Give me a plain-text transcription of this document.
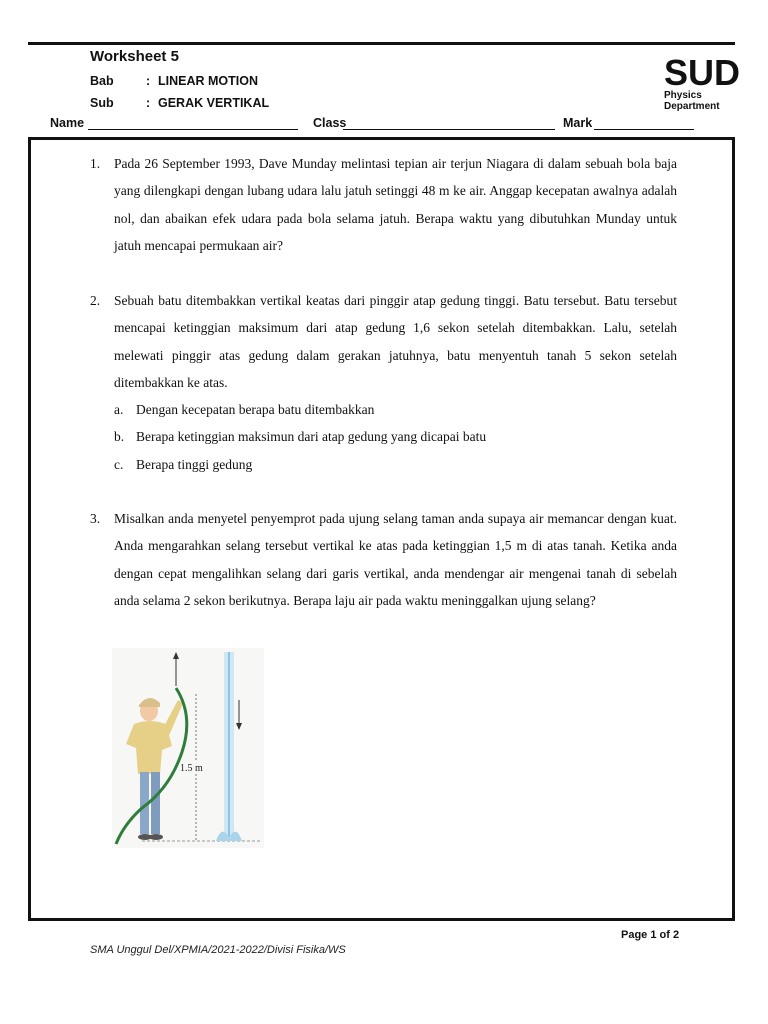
Worksheet 5
Bab	: LINEAR MOTION
Sub	: GERAK VERTIKAL
SUD
Physics
Department
Name	Class	Mark
1. Pada 26 September 1993, Dave Munday melintasi tepian air terjun Niagara di dalam sebuah bola baja yang dilengkapi dengan lubang udara lalu jatuh setinggi 48 m ke air. Anggap kecepatan awalnya adalah nol, dan abaikan efek udara pada bola selama jatuh. Berapa waktu yang dibutuhkan Munday untuk jatuh mencapai permukaan air?
2. Sebuah batu ditembakkan vertikal keatas dari pinggir atap gedung tinggi. Batu tersebut. Batu tersebut mencapai ketinggian maksimum dari atap gedung 1,6 sekon setelah ditembakkan. Lalu, setelah melewati pinggir atas gedung dalam gerakan jatuhnya, batu menyentuh tanah 5 sekon setelah ditembakkan ke atas.
a. Dengan kecepatan berapa batu ditembakkan
b. Berapa ketinggian maksimun dari atap gedung yang dicapai batu
c. Berapa tinggi gedung
3. Misalkan anda menyetel penyemprot pada ujung selang taman anda supaya air memancar dengan kuat. Anda mengarahkan selang tersebut vertikal ke atas pada ketinggian 1,5 m di atas tanah. Ketika anda dengan cepat mengalihkan selang dari garis vertikal, anda mendengar air mengenai tanah di sebelah anda selama 2 sekon berikutnya. Berapa laju air pada waktu meninggalkan ujung selang?
1.5 m
Page 1 of 2
SMA Unggul Del/XPMIA/2021-2022/Divisi Fisika/WS
